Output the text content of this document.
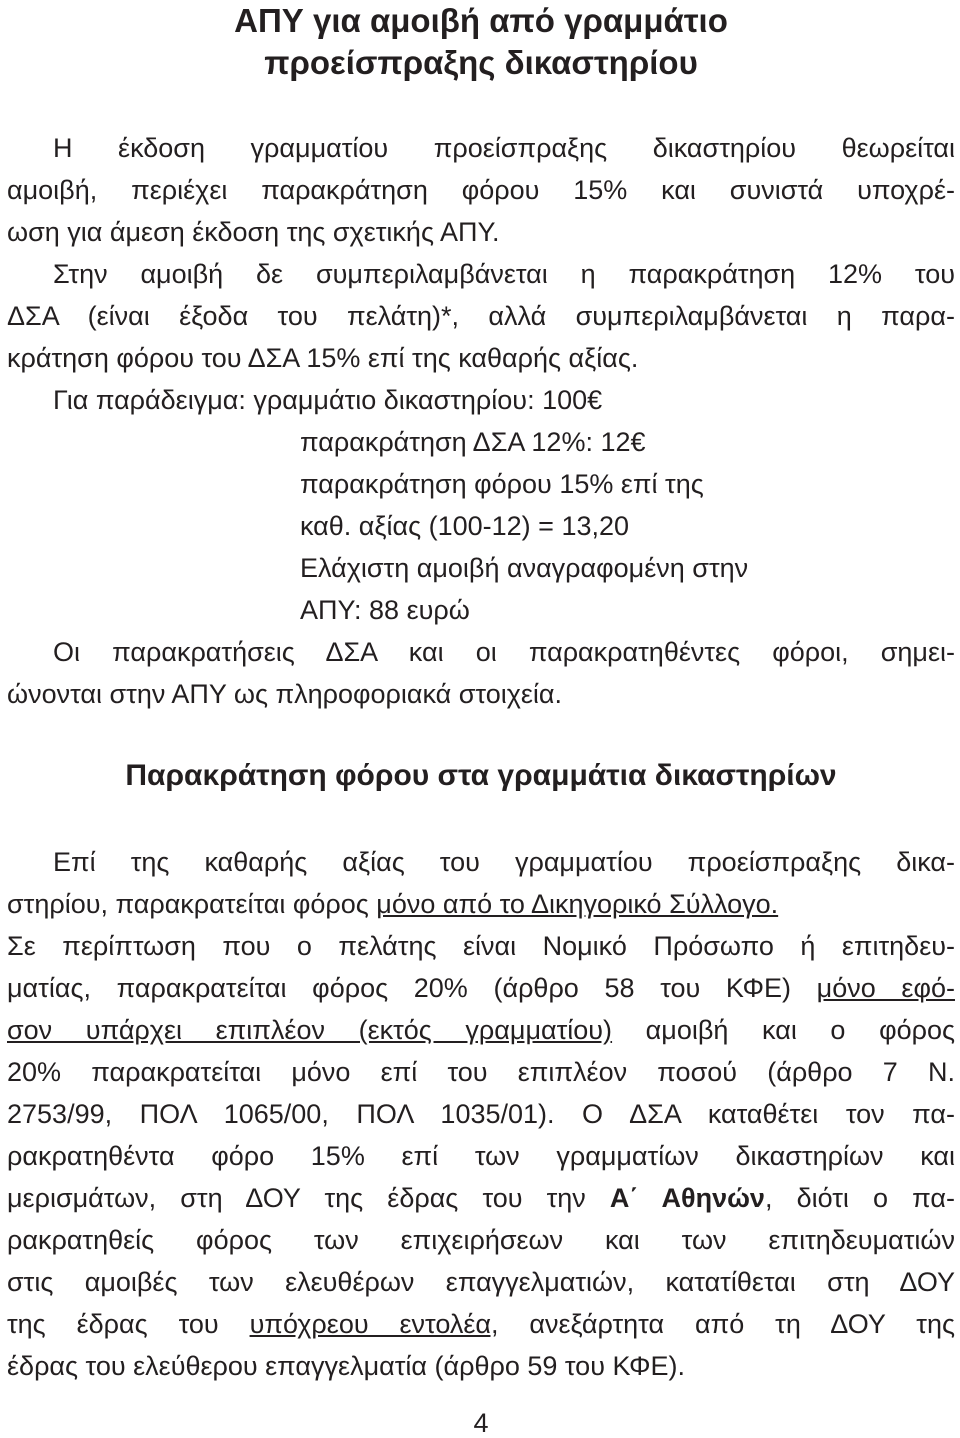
ΑΠΥ για αμοιβή από γραμμάτιο
προείσπραξης δικαστηρίου
Η έκδοση γραμματίου προείσπραξης δικαστηρίου θεωρείται
αμοιβή, περιέχει παρακράτηση φόρου 15% και συνιστά υποχρέ-
ωση για άμεση έκδοση της σχετικής ΑΠΥ.
Στην αμοιβή δε συμπεριλαμβάνεται η παρακράτηση 12% του
ΔΣΑ (είναι έξοδα του πελάτη)*, αλλά συμπεριλαμβάνεται η παρα-
κράτηση φόρου του ΔΣΑ 15% επί της καθαρής αξίας.
Για παράδειγμα: γραμμάτιο δικαστηρίου: 100€
παρακράτηση ΔΣΑ 12%: 12€
παρακράτηση φόρου 15% επί της
καθ. αξίας (100-12) = 13,20
Ελάχιστη αμοιβή αναγραφομένη στην
ΑΠΥ: 88 ευρώ
Οι παρακρατήσεις ΔΣΑ και οι παρακρατηθέντες φόροι, σημει-
ώνονται στην ΑΠΥ ως πληροφοριακά στοιχεία.
Παρακράτηση φόρου στα γραμμάτια δικαστηρίων
Επί της καθαρής αξίας του γραμματίου προείσπραξης δικα-
στηρίου, παρακρατείται φόρος μόνο από το Δικηγορικό Σύλλογο.
Σε περίπτωση που ο πελάτης είναι Νομικό Πρόσωπο ή επιτηδευ-
ματίας, παρακρατείται φόρος 20% (άρθρο 58 του ΚΦΕ) μόνο εφό-
σον υπάρχει επιπλέον (εκτός γραμματίου) αμοιβή και ο φόρος
20% παρακρατείται μόνο επί του επιπλέον ποσού (άρθρο 7 Ν.
2753/99, ΠΟΛ 1065/00, ΠΟΛ 1035/01). Ο ΔΣΑ καταθέτει τον πα-
ρακρατηθέντα φόρο 15% επί των γραμματίων δικαστηρίων και
μερισμάτων, στη ΔΟΥ της έδρας του την Α΄ Αθηνών, διότι ο πα-
ρακρατηθείς φόρος των επιχειρήσεων και των επιτηδευματιών
στις αμοιβές των ελευθέρων επαγγελματιών, κατατίθεται στη ΔΟΥ
της έδρας του υπόχρεου εντολέα, ανεξάρτητα από τη ΔΟΥ της
έδρας του ελεύθερου επαγγελματία (άρθρο 59 του ΚΦΕ).
4
